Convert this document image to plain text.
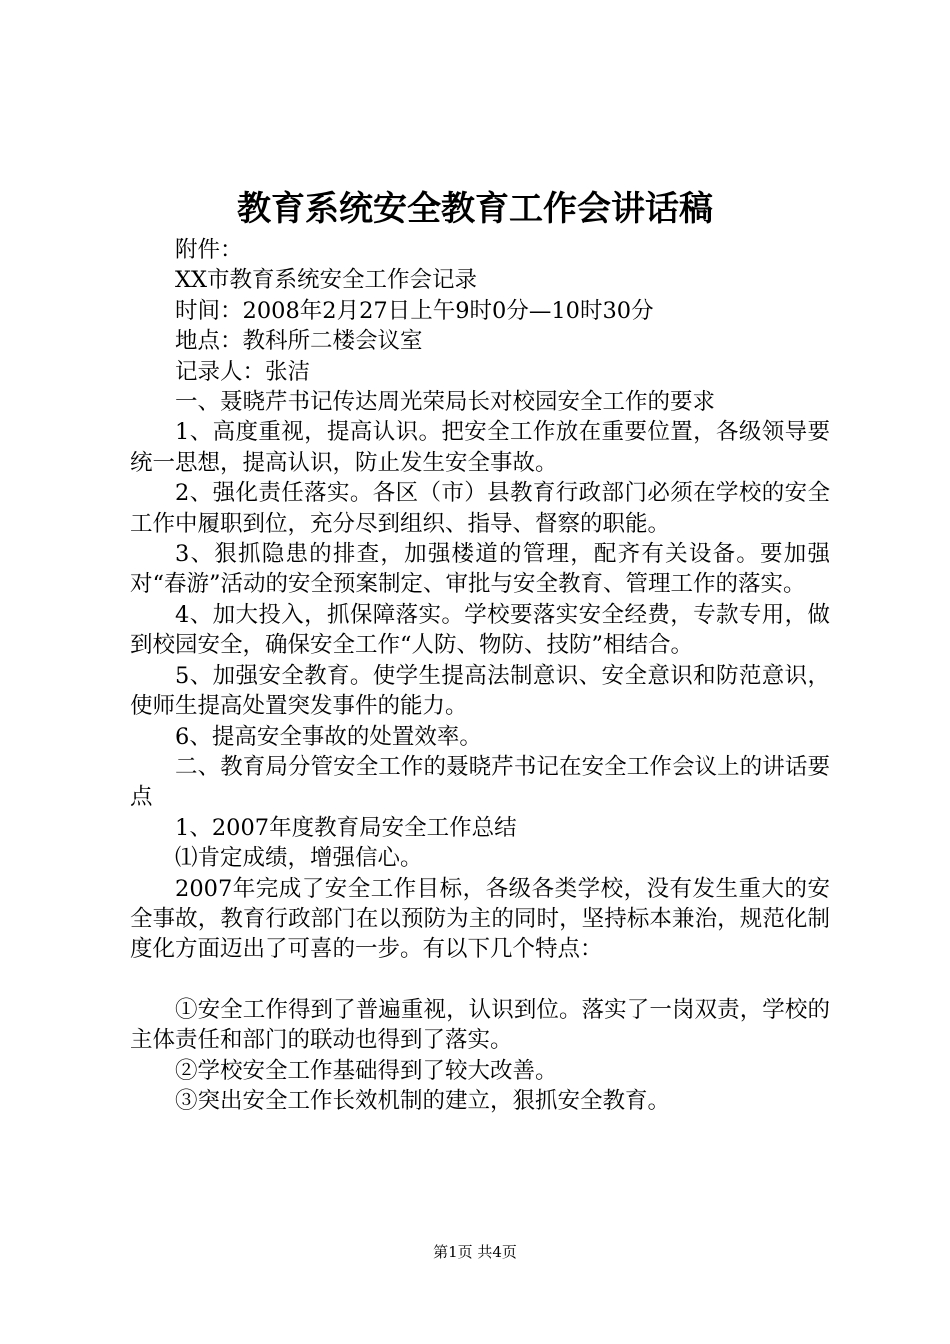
教育系统安全教育工作会讲话稿

附件：

XX市教育系统安全工作会记录

时间：2008年2月27日上午9时0分—10时30分

地点：教科所二楼会议室

记录人：张洁

一、聂晓芹书记传达周光荣局长对校园安全工作的要求

1、高度重视，提高认识。把安全工作放在重要位置，各级领导要统一思想，提高认识，防止发生安全事故。

2、强化责任落实。各区（市）县教育行政部门必须在学校的安全工作中履职到位，充分尽到组织、指导、督察的职能。

3、狠抓隐患的排查，加强楼道的管理，配齐有关设备。要加强对“春游”活动的安全预案制定、审批与安全教育、管理工作的落实。

4、加大投入，抓保障落实。学校要落实安全经费，专款专用，做到校园安全，确保安全工作“人防、物防、技防”相结合。

5、加强安全教育。使学生提高法制意识、安全意识和防范意识，使师生提高处置突发事件的能力。

6、提高安全事故的处置效率。

二、教育局分管安全工作的聂晓芹书记在安全工作会议上的讲话要点

1、2007年度教育局安全工作总结

⑴肯定成绩，增强信心。

2007年完成了安全工作目标，各级各类学校，没有发生重大的安全事故，教育行政部门在以预防为主的同时，坚持标本兼治，规范化制度化方面迈出了可喜的一步。有以下几个特点：

①安全工作得到了普遍重视，认识到位。落实了一岗双责，学校的主体责任和部门的联动也得到了落实。

②学校安全工作基础得到了较大改善。

③突出安全工作长效机制的建立，狠抓安全教育。

第1页 共4页
